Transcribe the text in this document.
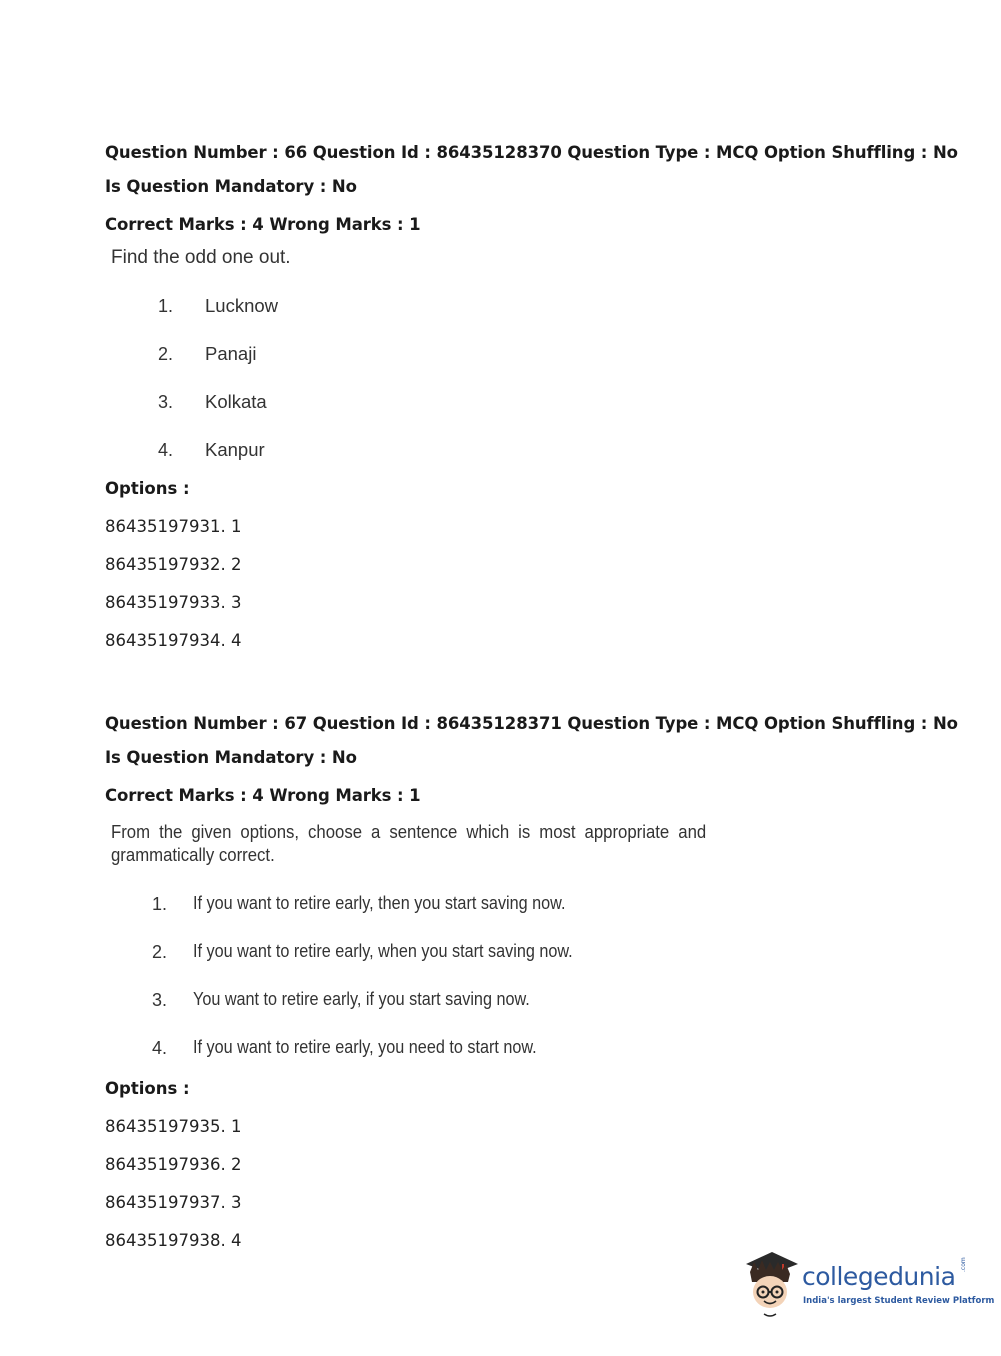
Question Number : 66 Question Id : 86435128370 Question Type : MCQ Option Shuffling : No
Is Question Mandatory : No
Correct Marks : 4 Wrong Marks : 1
Find the odd one out.
1. Lucknow
2. Panaji
3. Kolkata
4. Kanpur
Options :
86435197931. 1
86435197932. 2
86435197933. 3
86435197934. 4
Question Number : 67 Question Id : 86435128371 Question Type : MCQ Option Shuffling : No
Is Question Mandatory : No
Correct Marks : 4 Wrong Marks : 1
From the given options, choose a sentence which is most appropriate and grammatically correct.
1. If you want to retire early, then you start saving now.
2. If you want to retire early, when you start saving now.
3. You want to retire early, if you start saving now.
4. If you want to retire early, you need to start now.
Options :
86435197935. 1
86435197936. 2
86435197937. 3
86435197938. 4
collegedunia .com
India's largest Student Review Platform
